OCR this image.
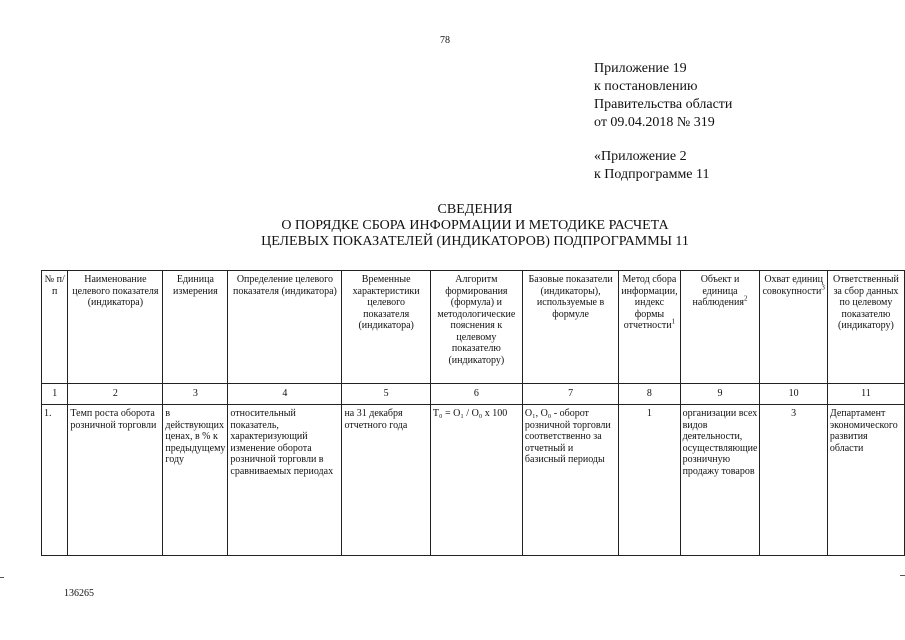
78
Приложение 19
к постановлению
Правительства области
от 09.04.2018 № 319
«Приложение 2
к Подпрограмме 11
СВЕДЕНИЯ
О ПОРЯДКЕ СБОРА ИНФОРМАЦИИ И МЕТОДИКЕ РАСЧЕТА
ЦЕЛЕВЫХ ПОКАЗАТЕЛЕЙ (ИНДИКАТОРОВ) ПОДПРОГРАММЫ 11
№ п/п	Наименование целевого показателя (индикатора)	Единица измерения	Определение целевого показателя (индикатора)	Временные характеристики целевого показателя (индикатора)	Алгоритм формирования (формула) и методологические пояснения к целевому показателю (индикатору)	Базовые показатели (индикаторы), используемые в формуле	Метод сбора информации, индекс формы отчетности$^1$	Объект и единица наблюдения$^2$	Охват единиц совокупности$^3$	Ответственный за сбор данных по целевому показателю (индикатору)
1	2	3	4	5	6	7	8	9	10	11
1.	Темп роста оборота розничной торговли	в действующих ценах, в % к предыдущему году	относительный показатель, характеризующий изменение оборота розничной торговли в сравниваемых периодах	на 31 декабря отчетного года	T₀ = O₁ / O₀ x 100	O₁, O₀ - оборот розничной торговли соответственно за отчетный и базисный периоды	1	организации всех видов деятельности, осуществляющие розничную продажу товаров	3	Департамент экономического развития области
136265
